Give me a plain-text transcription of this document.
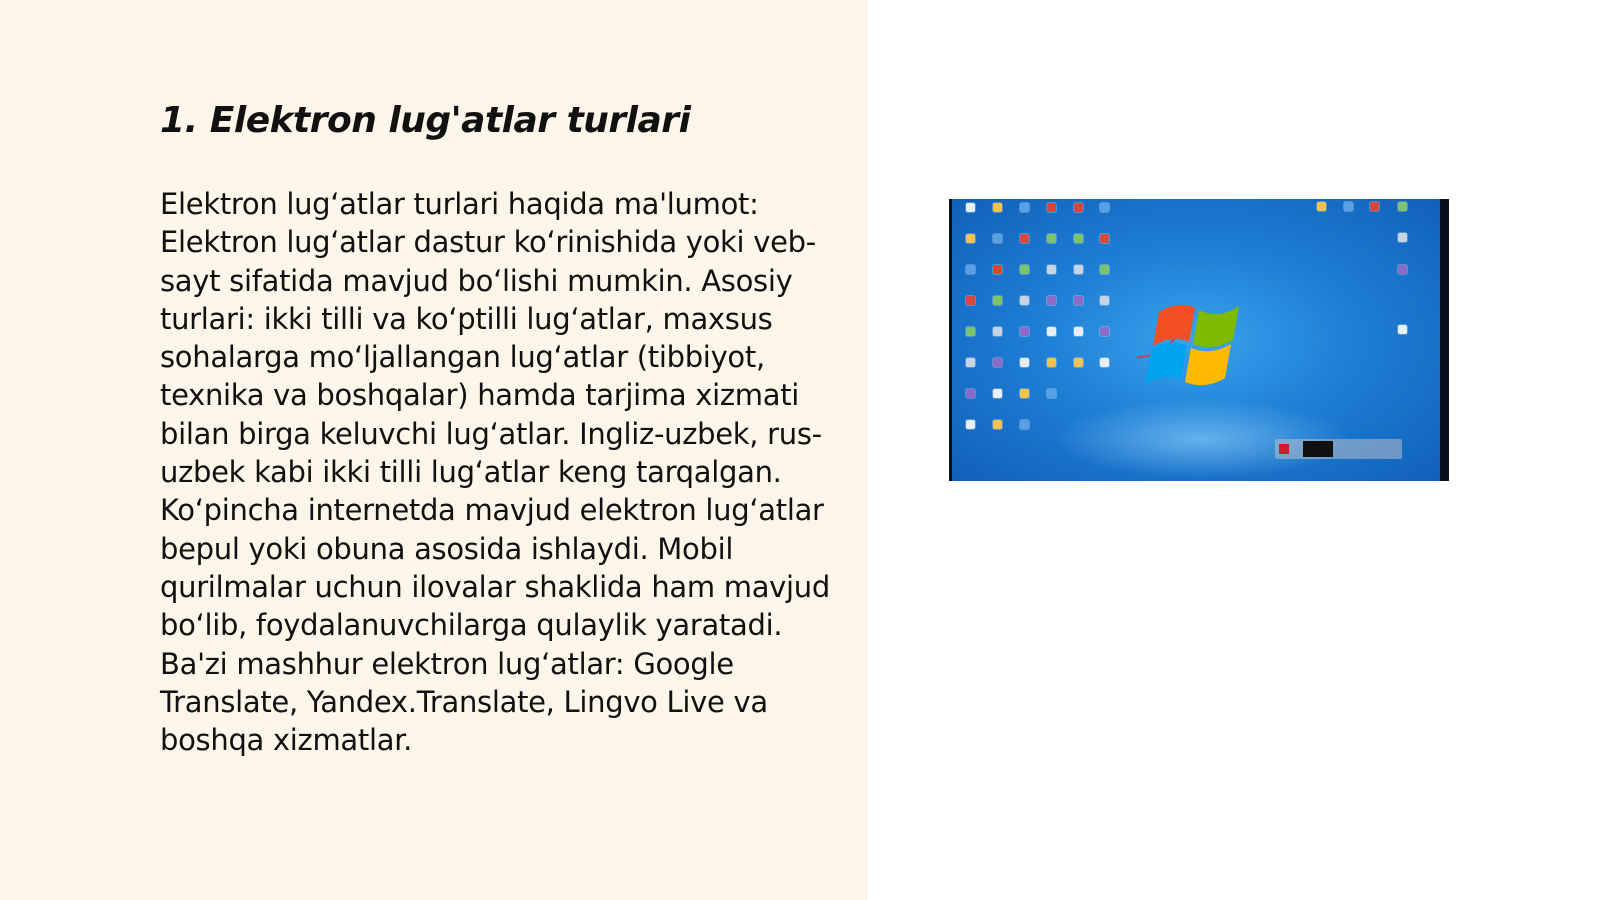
1. Elektron lug'atlar turlari

Elektron lug‘atlar turlari haqida ma'lumot: Elektron lug‘atlar dastur ko‘rinishida yoki veb-sayt sifatida mavjud bo‘lishi mumkin. Asosiy turlari: ikki tilli va ko‘ptilli lug‘atlar, maxsus sohalarga mo‘ljallangan lug‘atlar (tibbiyot, texnika va boshqalar) hamda tarjima xizmati bilan birga keluvchi lug‘atlar. Ingliz-uzbek, rus-uzbek kabi ikki tilli lug‘atlar keng tarqalgan. Ko‘pincha internetda mavjud elektron lug‘atlar bepul yoki obuna asosida ishlaydi. Mobil qurilmalar uchun ilovalar shaklida ham mavjud bo‘lib, foydalanuvchilarga qulaylik yaratadi. Ba'zi mashhur elektron lug‘atlar: Google Translate, Yandex.Translate, Lingvo Live va boshqa xizmatlar.
